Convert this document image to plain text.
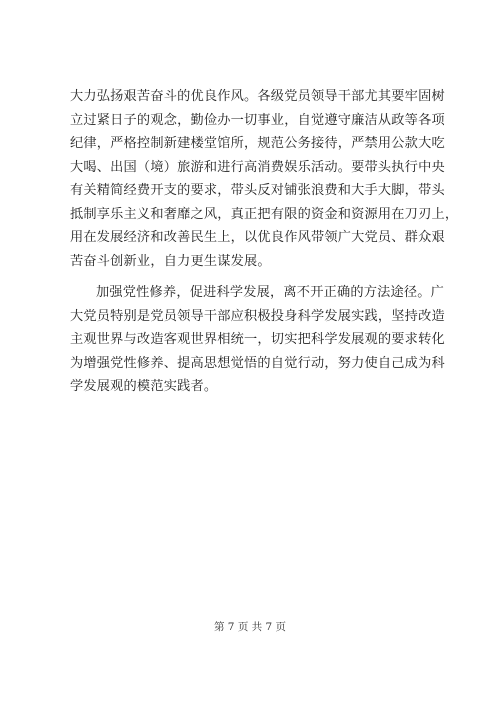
大力弘扬艰苦奋斗的优良作风。各级党员领导干部尤其要牢固树
立过紧日子的观念，勤俭办一切事业，自觉遵守廉洁从政等各项
纪律，严格控制新建楼堂馆所，规范公务接待，严禁用公款大吃
大喝、出国（境）旅游和进行高消费娱乐活动。要带头执行中央
有关精简经费开支的要求，带头反对铺张浪费和大手大脚，带头
抵制享乐主义和奢靡之风，真正把有限的资金和资源用在刀刃上，
用在发展经济和改善民生上，以优良作风带领广大党员、群众艰
苦奋斗创新业，自力更生谋发展。
加强党性修养，促进科学发展，离不开正确的方法途径。广
大党员特别是党员领导干部应积极投身科学发展实践，坚持改造
主观世界与改造客观世界相统一，切实把科学发展观的要求转化
为增强党性修养、提高思想觉悟的自觉行动，努力使自己成为科
学发展观的模范实践者。
第 7 页 共 7 页
